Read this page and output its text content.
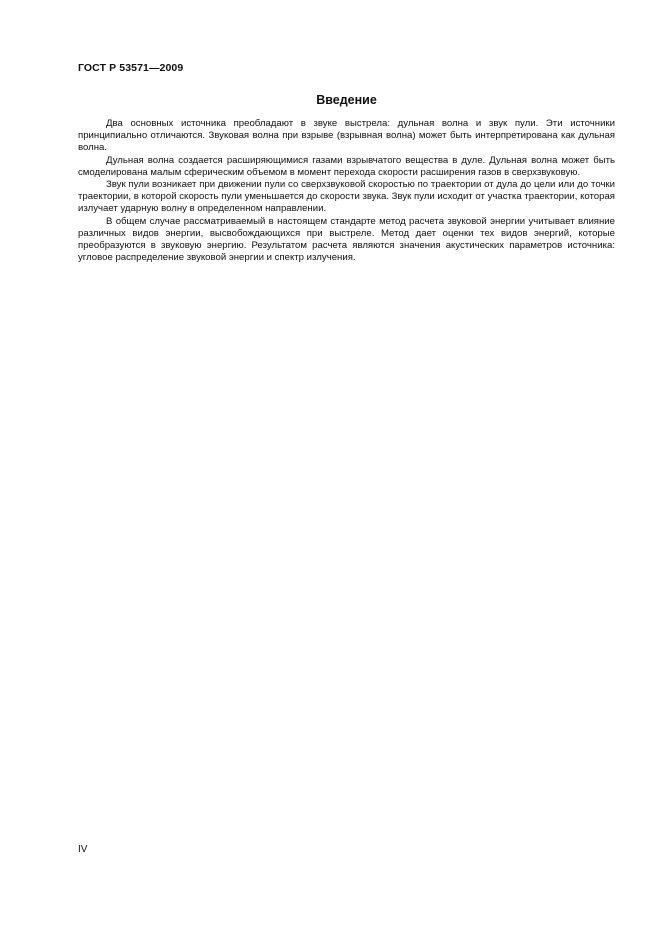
ГОСТ Р 53571—2009
Введение

Два основных источника преобладают в звуке выстрела: дульная волна и звук пули. Эти источники принципиально отличаются. Звуковая волна при взрыве (взрывная волна) может быть интерпретирована как дульная волна.

Дульная волна создается расширяющимися газами взрывчатого вещества в дуле. Дульная волна может быть смоделирована малым сферическим объемом в момент перехода скорости расширения газов в сверхзвуковую.

Звук пули возникает при движении пули со сверхзвуковой скоростью по траектории от дула до цели или до точки траектории, в которой скорость пули уменьшается до скорости звука. Звук пули исходит от участка траектории, которая излучает ударную волну в определенном направлении.

В общем случае рассматриваемый в настоящем стандарте метод расчета звуковой энергии учитывает влияние различных видов энергии, высвобождающихся при выстреле. Метод дает оценки тех видов энергий, которые преобразуются в звуковую энергию. Результатом расчета являются значения акустических параметров источника: угловое распределение звуковой энергии и спектр излучения.

IV
